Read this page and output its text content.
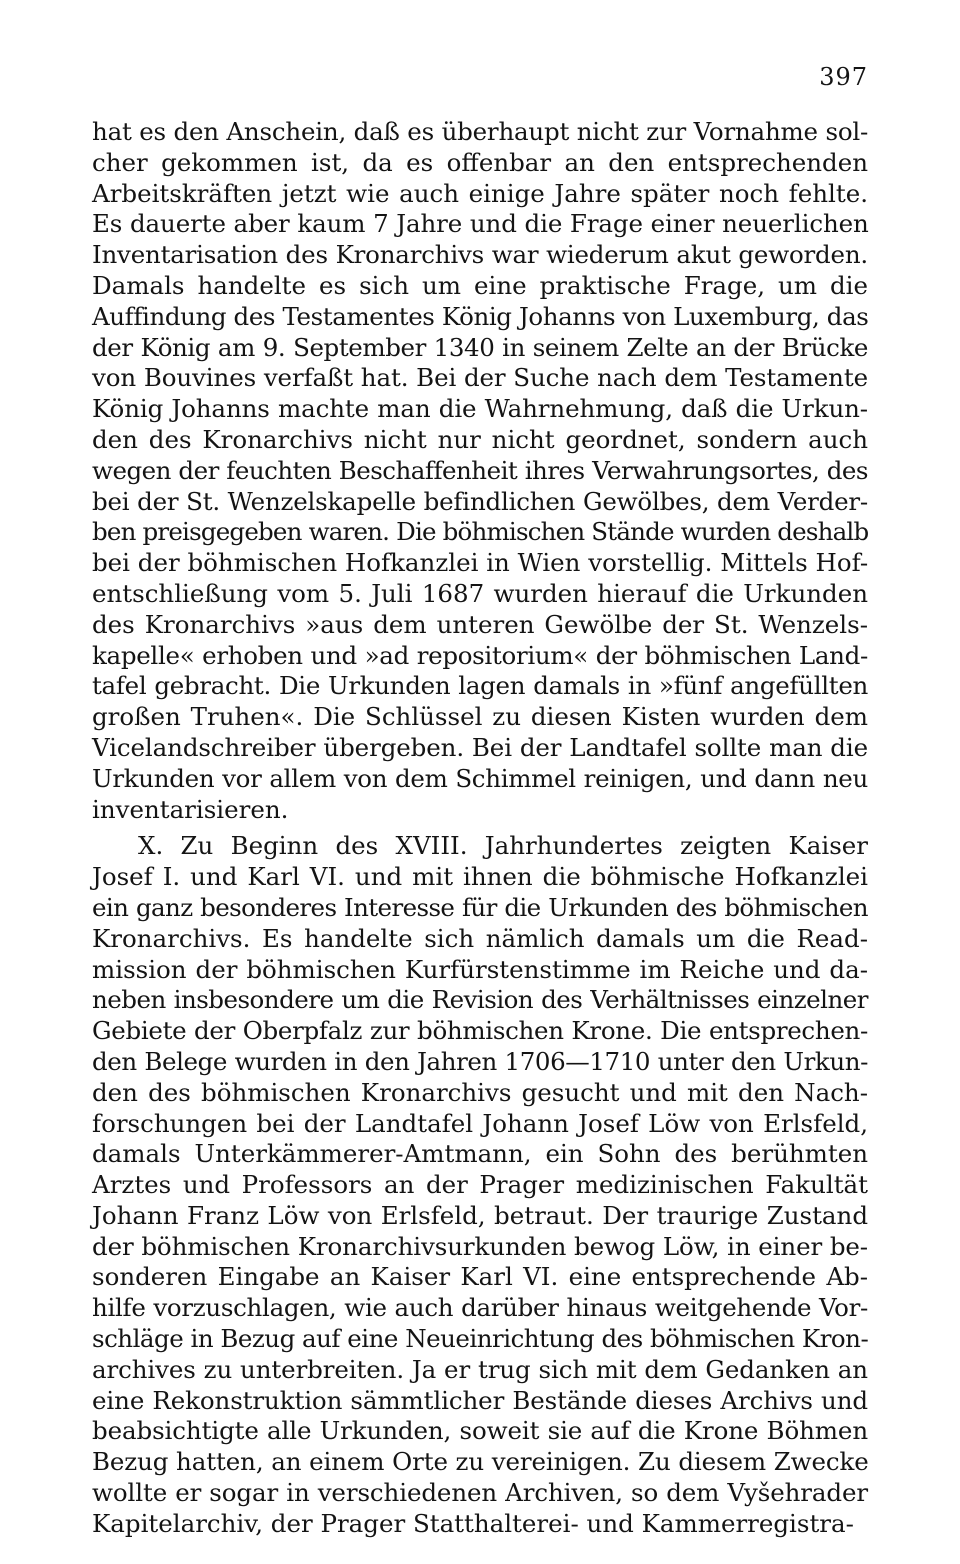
397
hat es den Anschein, daß es überhaupt nicht zur Vornahme sol-
cher gekommen ist, da es offenbar an den entsprechenden
Arbeitskräften jetzt wie auch einige Jahre später noch fehlte.
Es dauerte aber kaum 7 Jahre und die Frage einer neuerlichen
Inventarisation des Kronarchivs war wiederum akut geworden.
Damals handelte es sich um eine praktische Frage, um die
Auffindung des Testamentes König Johanns von Luxemburg, das
der König am 9. September 1340 in seinem Zelte an der Brücke
von Bouvines verfaßt hat. Bei der Suche nach dem Testamente
König Johanns machte man die Wahrnehmung, daß die Urkun-
den des Kronarchivs nicht nur nicht geordnet, sondern auch
wegen der feuchten Beschaffenheit ihres Verwahrungsortes, des
bei der St. Wenzelskapelle befindlichen Gewölbes, dem Verder-
ben preisgegeben waren. Die böhmischen Stände wurden deshalb
bei der böhmischen Hofkanzlei in Wien vorstellig. Mittels Hof-
entschließung vom 5. Juli 1687 wurden hierauf die Urkunden
des Kronarchivs »aus dem unteren Gewölbe der St. Wenzels-
kapelle« erhoben und »ad repositorium« der böhmischen Land-
tafel gebracht. Die Urkunden lagen damals in »fünf angefüllten
großen Truhen«. Die Schlüssel zu diesen Kisten wurden dem
Vicelandschreiber übergeben. Bei der Landtafel sollte man die
Urkunden vor allem von dem Schimmel reinigen, und dann neu
inventarisieren.
X. Zu Beginn des XVIII. Jahrhundertes zeigten Kaiser
Josef I. und Karl VI. und mit ihnen die böhmische Hofkanzlei
ein ganz besonderes Interesse für die Urkunden des böhmischen
Kronarchivs. Es handelte sich nämlich damals um die Read-
mission der böhmischen Kurfürstenstimme im Reiche und da-
neben insbesondere um die Revision des Verhältnisses einzelner
Gebiete der Oberpfalz zur böhmischen Krone. Die entsprechen-
den Belege wurden in den Jahren 1706—1710 unter den Urkun-
den des böhmischen Kronarchivs gesucht und mit den Nach-
forschungen bei der Landtafel Johann Josef Löw von Erlsfeld,
damals Unterkämmerer-Amtmann, ein Sohn des berühmten
Arztes und Professors an der Prager medizinischen Fakultät
Johann Franz Löw von Erlsfeld, betraut. Der traurige Zustand
der böhmischen Kronarchivsurkunden bewog Löw, in einer be-
sonderen Eingabe an Kaiser Karl VI. eine entsprechende Ab-
hilfe vorzuschlagen, wie auch darüber hinaus weitgehende Vor-
schläge in Bezug auf eine Neueinrichtung des böhmischen Kron-
archives zu unterbreiten. Ja er trug sich mit dem Gedanken an
eine Rekonstruktion sämmtlicher Bestände dieses Archivs und
beabsichtigte alle Urkunden, soweit sie auf die Krone Böhmen
Bezug hatten, an einem Orte zu vereinigen. Zu diesem Zwecke
wollte er sogar in verschiedenen Archiven, so dem Vyšehrader
Kapitelarchiv, der Prager Statthalterei- und Kammerregistra-
